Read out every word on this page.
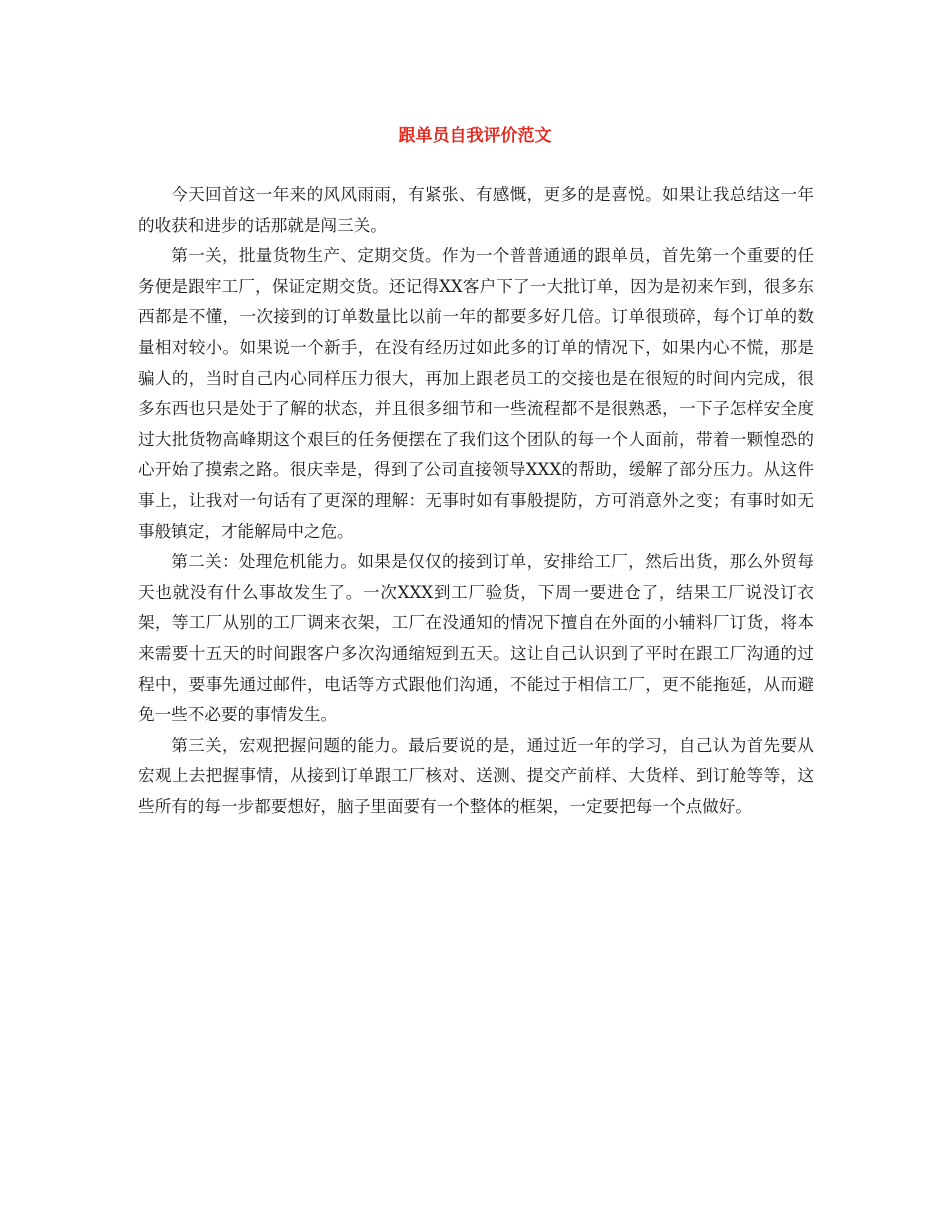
跟单员自我评价范文

今天回首这一年来的风风雨雨，有紧张、有感慨，更多的是喜悦。如果让我总结这一年的收获和进步的话那就是闯三关。

第一关，批量货物生产、定期交货。作为一个普普通通的跟单员，首先第一个重要的任务便是跟牢工厂，保证定期交货。还记得XX客户下了一大批订单，因为是初来乍到，很多东西都是不懂，一次接到的订单数量比以前一年的都要多好几倍。订单很琐碎，每个订单的数量相对较小。如果说一个新手，在没有经历过如此多的订单的情况下，如果内心不慌，那是骗人的，当时自己内心同样压力很大，再加上跟老员工的交接也是在很短的时间内完成，很多东西也只是处于了解的状态，并且很多细节和一些流程都不是很熟悉，一下子怎样安全度过大批货物高峰期这个艰巨的任务便摆在了我们这个团队的每一个人面前，带着一颗惶恐的心开始了摸索之路。很庆幸是，得到了公司直接领导XXX的帮助，缓解了部分压力。从这件事上，让我对一句话有了更深的理解：无事时如有事般提防，方可消意外之变；有事时如无事般镇定，才能解局中之危。

第二关：处理危机能力。如果是仅仅的接到订单，安排给工厂，然后出货，那么外贸每天也就没有什么事故发生了。一次XXX到工厂验货，下周一要进仓了，结果工厂说没订衣架，等工厂从别的工厂调来衣架，工厂在没通知的情况下擅自在外面的小辅料厂订货，将本来需要十五天的时间跟客户多次沟通缩短到五天。这让自己认识到了平时在跟工厂沟通的过程中，要事先通过邮件，电话等方式跟他们沟通，不能过于相信工厂，更不能拖延，从而避免一些不必要的事情发生。

第三关，宏观把握问题的能力。最后要说的是，通过近一年的学习，自己认为首先要从宏观上去把握事情，从接到订单跟工厂核对、送测、提交产前样、大货样、到订舱等等，这些所有的每一步都要想好，脑子里面要有一个整体的框架，一定要把每一个点做好。
